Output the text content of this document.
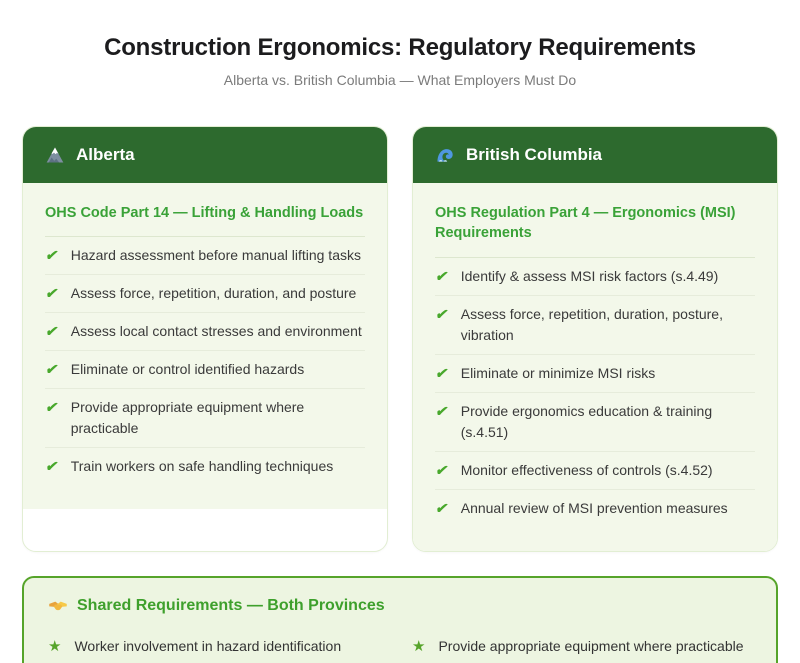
Construction Ergonomics: Regulatory Requirements

Alberta vs. British Columbia — What Employers Must Do

Alberta
OHS Code Part 14 — Lifting & Handling Loads
✔ Hazard assessment before manual lifting tasks
✔ Assess force, repetition, duration, and posture
✔ Assess local contact stresses and environment
✔ Eliminate or control identified hazards
✔ Provide appropriate equipment where practicable
✔ Train workers on safe handling techniques
British Columbia
OHS Regulation Part 4 — Ergonomics (MSI) Requirements
✔ Identify & assess MSI risk factors (s.4.49)
✔ Assess force, repetition, duration, posture, vibration
✔ Eliminate or minimize MSI risks
✔ Provide ergonomics education & training (s.4.51)
✔ Monitor effectiveness of controls (s.4.52)
✔ Annual review of MSI prevention measures
Shared Requirements — Both Provinces
★ Worker involvement in hazard identification	★ Provide appropriate equipment where practicable
